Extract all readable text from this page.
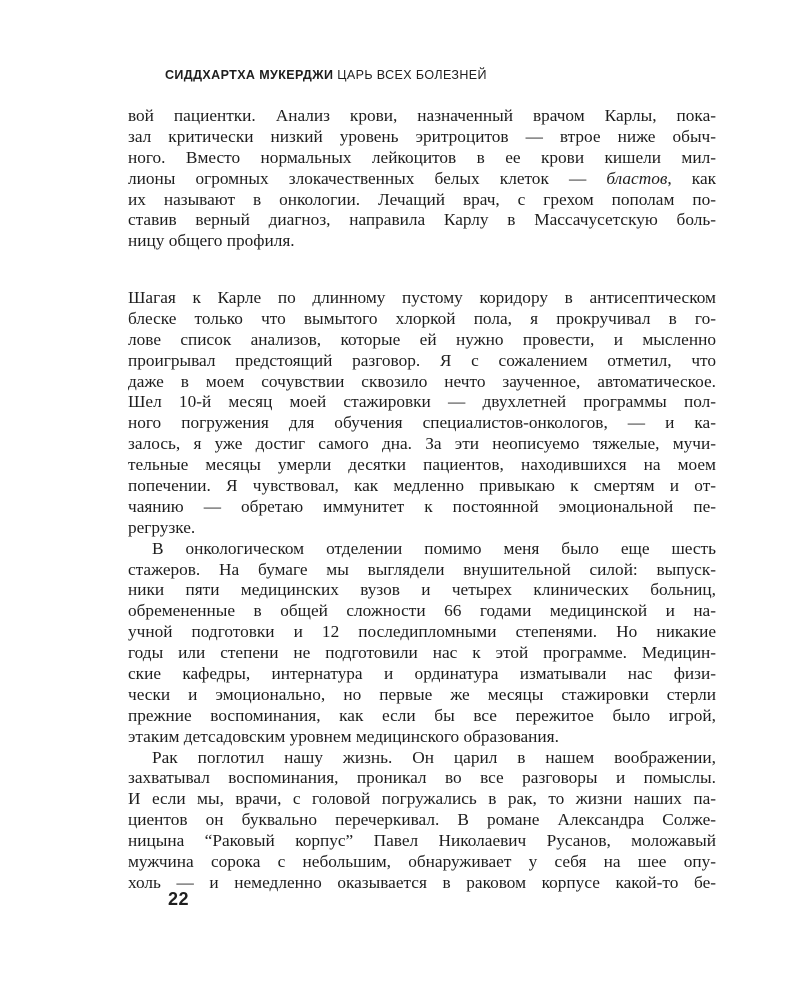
СИДДХАРТХА МУКЕРДЖИ ЦАРЬ ВСЕХ БОЛЕЗНЕЙ
вой пациентки. Анализ крови, назначенный врачом Карлы, пока-
зал критически низкий уровень эритроцитов — втрое ниже обыч-
ного. Вместо нормальных лейкоцитов в ее крови кишели мил-
лионы огромных злокачественных белых клеток — бластов, как
их называют в онкологии. Лечащий врач, с грехом пополам по-
ставив верный диагноз, направила Карлу в Массачусетскую боль-
ницу общего профиля.
Шагая к Карле по длинному пустому коридору в антисептическом
блеске только что вымытого хлоркой пола, я прокручивал в го-
лове список анализов, которые ей нужно провести, и мысленно
проигрывал предстоящий разговор. Я с сожалением отметил, что
даже в моем сочувствии сквозило нечто заученное, автоматическое.
Шел 10-й месяц моей стажировки — двухлетней программы пол-
ного погружения для обучения специалистов-онкологов, — и ка-
залось, я уже достиг самого дна. За эти неописуемо тяжелые, мучи-
тельные месяцы умерли десятки пациентов, находившихся на моем
попечении. Я чувствовал, как медленно привыкаю к смертям и от-
чаянию — обретаю иммунитет к постоянной эмоциональной пе-
регрузке.
В онкологическом отделении помимо меня было еще шесть
стажеров. На бумаге мы выглядели внушительной силой: выпуск-
ники пяти медицинских вузов и четырех клинических больниц,
обремененные в общей сложности 66 годами медицинской и на-
учной подготовки и 12 последипломными степенями. Но никакие
годы или степени не подготовили нас к этой программе. Медицин-
ские кафедры, интернатура и ординатура изматывали нас физи-
чески и эмоционально, но первые же месяцы стажировки стерли
прежние воспоминания, как если бы все пережитое было игрой,
этаким детсадовским уровнем медицинского образования.
Рак поглотил нашу жизнь. Он царил в нашем воображении,
захватывал воспоминания, проникал во все разговоры и помыслы.
И если мы, врачи, с головой погружались в рак, то жизни наших па-
циентов он буквально перечеркивал. В романе Александра Солже-
ницына “Раковый корпус” Павел Николаевич Русанов, моложавый
мужчина сорока с небольшим, обнаруживает у себя на шее опу-
холь — и немедленно оказывается в раковом корпусе какой-то бе-
22
